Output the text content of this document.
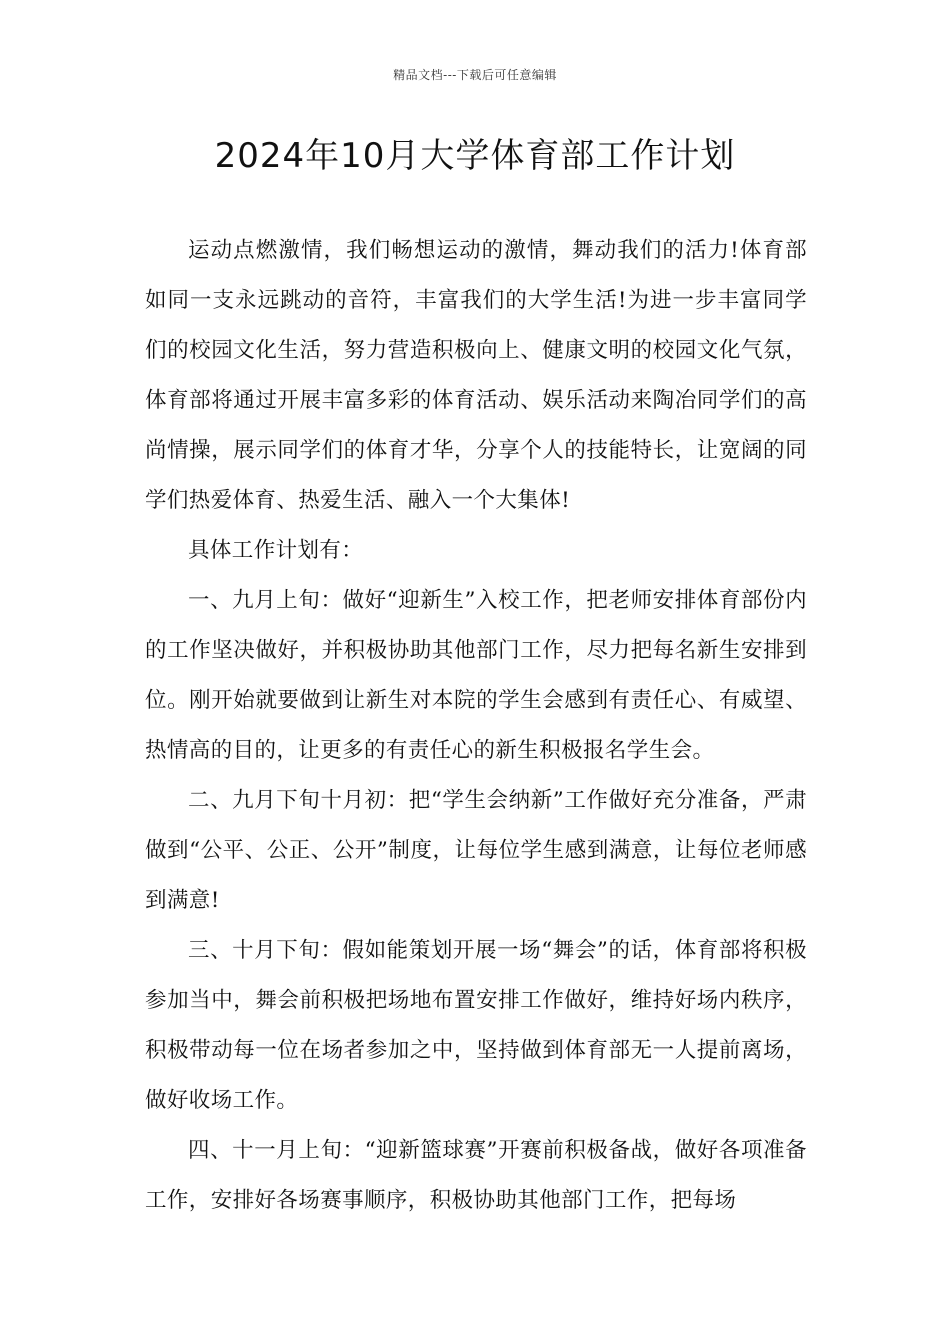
精品文档---下载后可任意编辑
2024年10月大学体育部工作计划

运动点燃激情，我们畅想运动的激情，舞动我们的活力!体育部如同一支永远跳动的音符，丰富我们的大学生活!为进一步丰富同学们的校园文化生活，努力营造积极向上、健康文明的校园文化气氛，体育部将通过开展丰富多彩的体育活动、娱乐活动来陶冶同学们的高尚情操，展示同学们的体育才华，分享个人的技能特长，让宽阔的同学们热爱体育、热爱生活、融入一个大集体!

具体工作计划有：

一、九月上旬：做好“迎新生”入校工作，把老师安排体育部份内的工作坚决做好，并积极协助其他部门工作，尽力把每名新生安排到位。刚开始就要做到让新生对本院的学生会感到有责任心、有威望、热情高的目的，让更多的有责任心的新生积极报名学生会。

二、九月下旬十月初：把“学生会纳新”工作做好充分准备，严肃做到“公平、公正、公开”制度，让每位学生感到满意，让每位老师感到满意!

三、十月下旬：假如能策划开展一场“舞会”的话，体育部将积极参加当中，舞会前积极把场地布置安排工作做好，维持好场内秩序，积极带动每一位在场者参加之中，坚持做到体育部无一人提前离场，做好收场工作。

四、十一月上旬：“迎新篮球赛”开赛前积极备战，做好各项准备工作，安排好各场赛事顺序，积极协助其他部门工作，把每场
